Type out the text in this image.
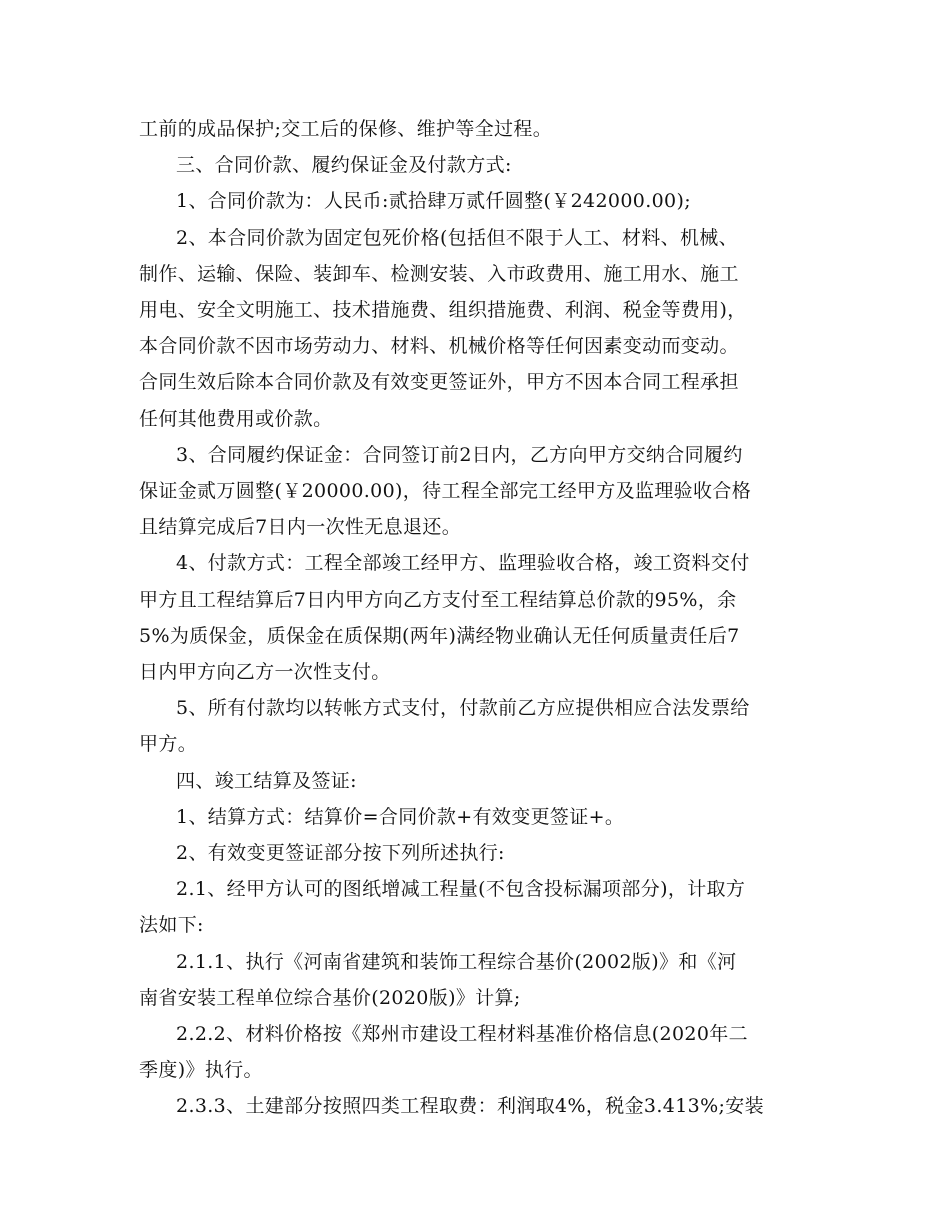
工前的成品保护;交工后的保修、维护等全过程。
三、合同价款、履约保证金及付款方式:
1、合同价款为：人民币:贰拾肆万贰仟圆整(￥242000.00);
2、本合同价款为固定包死价格(包括但不限于人工、材料、机械、
制作、运输、保险、装卸车、检测安装、入市政费用、施工用水、施工
用电、安全文明施工、技术措施费、组织措施费、利润、税金等费用)，
本合同价款不因市场劳动力、材料、机械价格等任何因素变动而变动。
合同生效后除本合同价款及有效变更签证外，甲方不因本合同工程承担
任何其他费用或价款。
3、合同履约保证金：合同签订前2日内，乙方向甲方交纳合同履约
保证金贰万圆整(￥20000.00)，待工程全部完工经甲方及监理验收合格
且结算完成后7日内一次性无息退还。
4、付款方式：工程全部竣工经甲方、监理验收合格，竣工资料交付
甲方且工程结算后7日内甲方向乙方支付至工程结算总价款的95%，余
5%为质保金，质保金在质保期(两年)满经物业确认无任何质量责任后7
日内甲方向乙方一次性支付。
5、所有付款均以转帐方式支付，付款前乙方应提供相应合法发票给
甲方。
四、竣工结算及签证:
1、结算方式：结算价=合同价款+有效变更签证+。
2、有效变更签证部分按下列所述执行:
2.1、经甲方认可的图纸增减工程量(不包含投标漏项部分)，计取方
法如下:
2.1.1、执行《河南省建筑和装饰工程综合基价(2002版)》和《河
南省安装工程单位综合基价(2020版)》计算;
2.2.2、材料价格按《郑州市建设工程材料基准价格信息(2020年二
季度)》执行。
2.3.3、土建部分按照四类工程取费：利润取4%，税金3.413%;安装
